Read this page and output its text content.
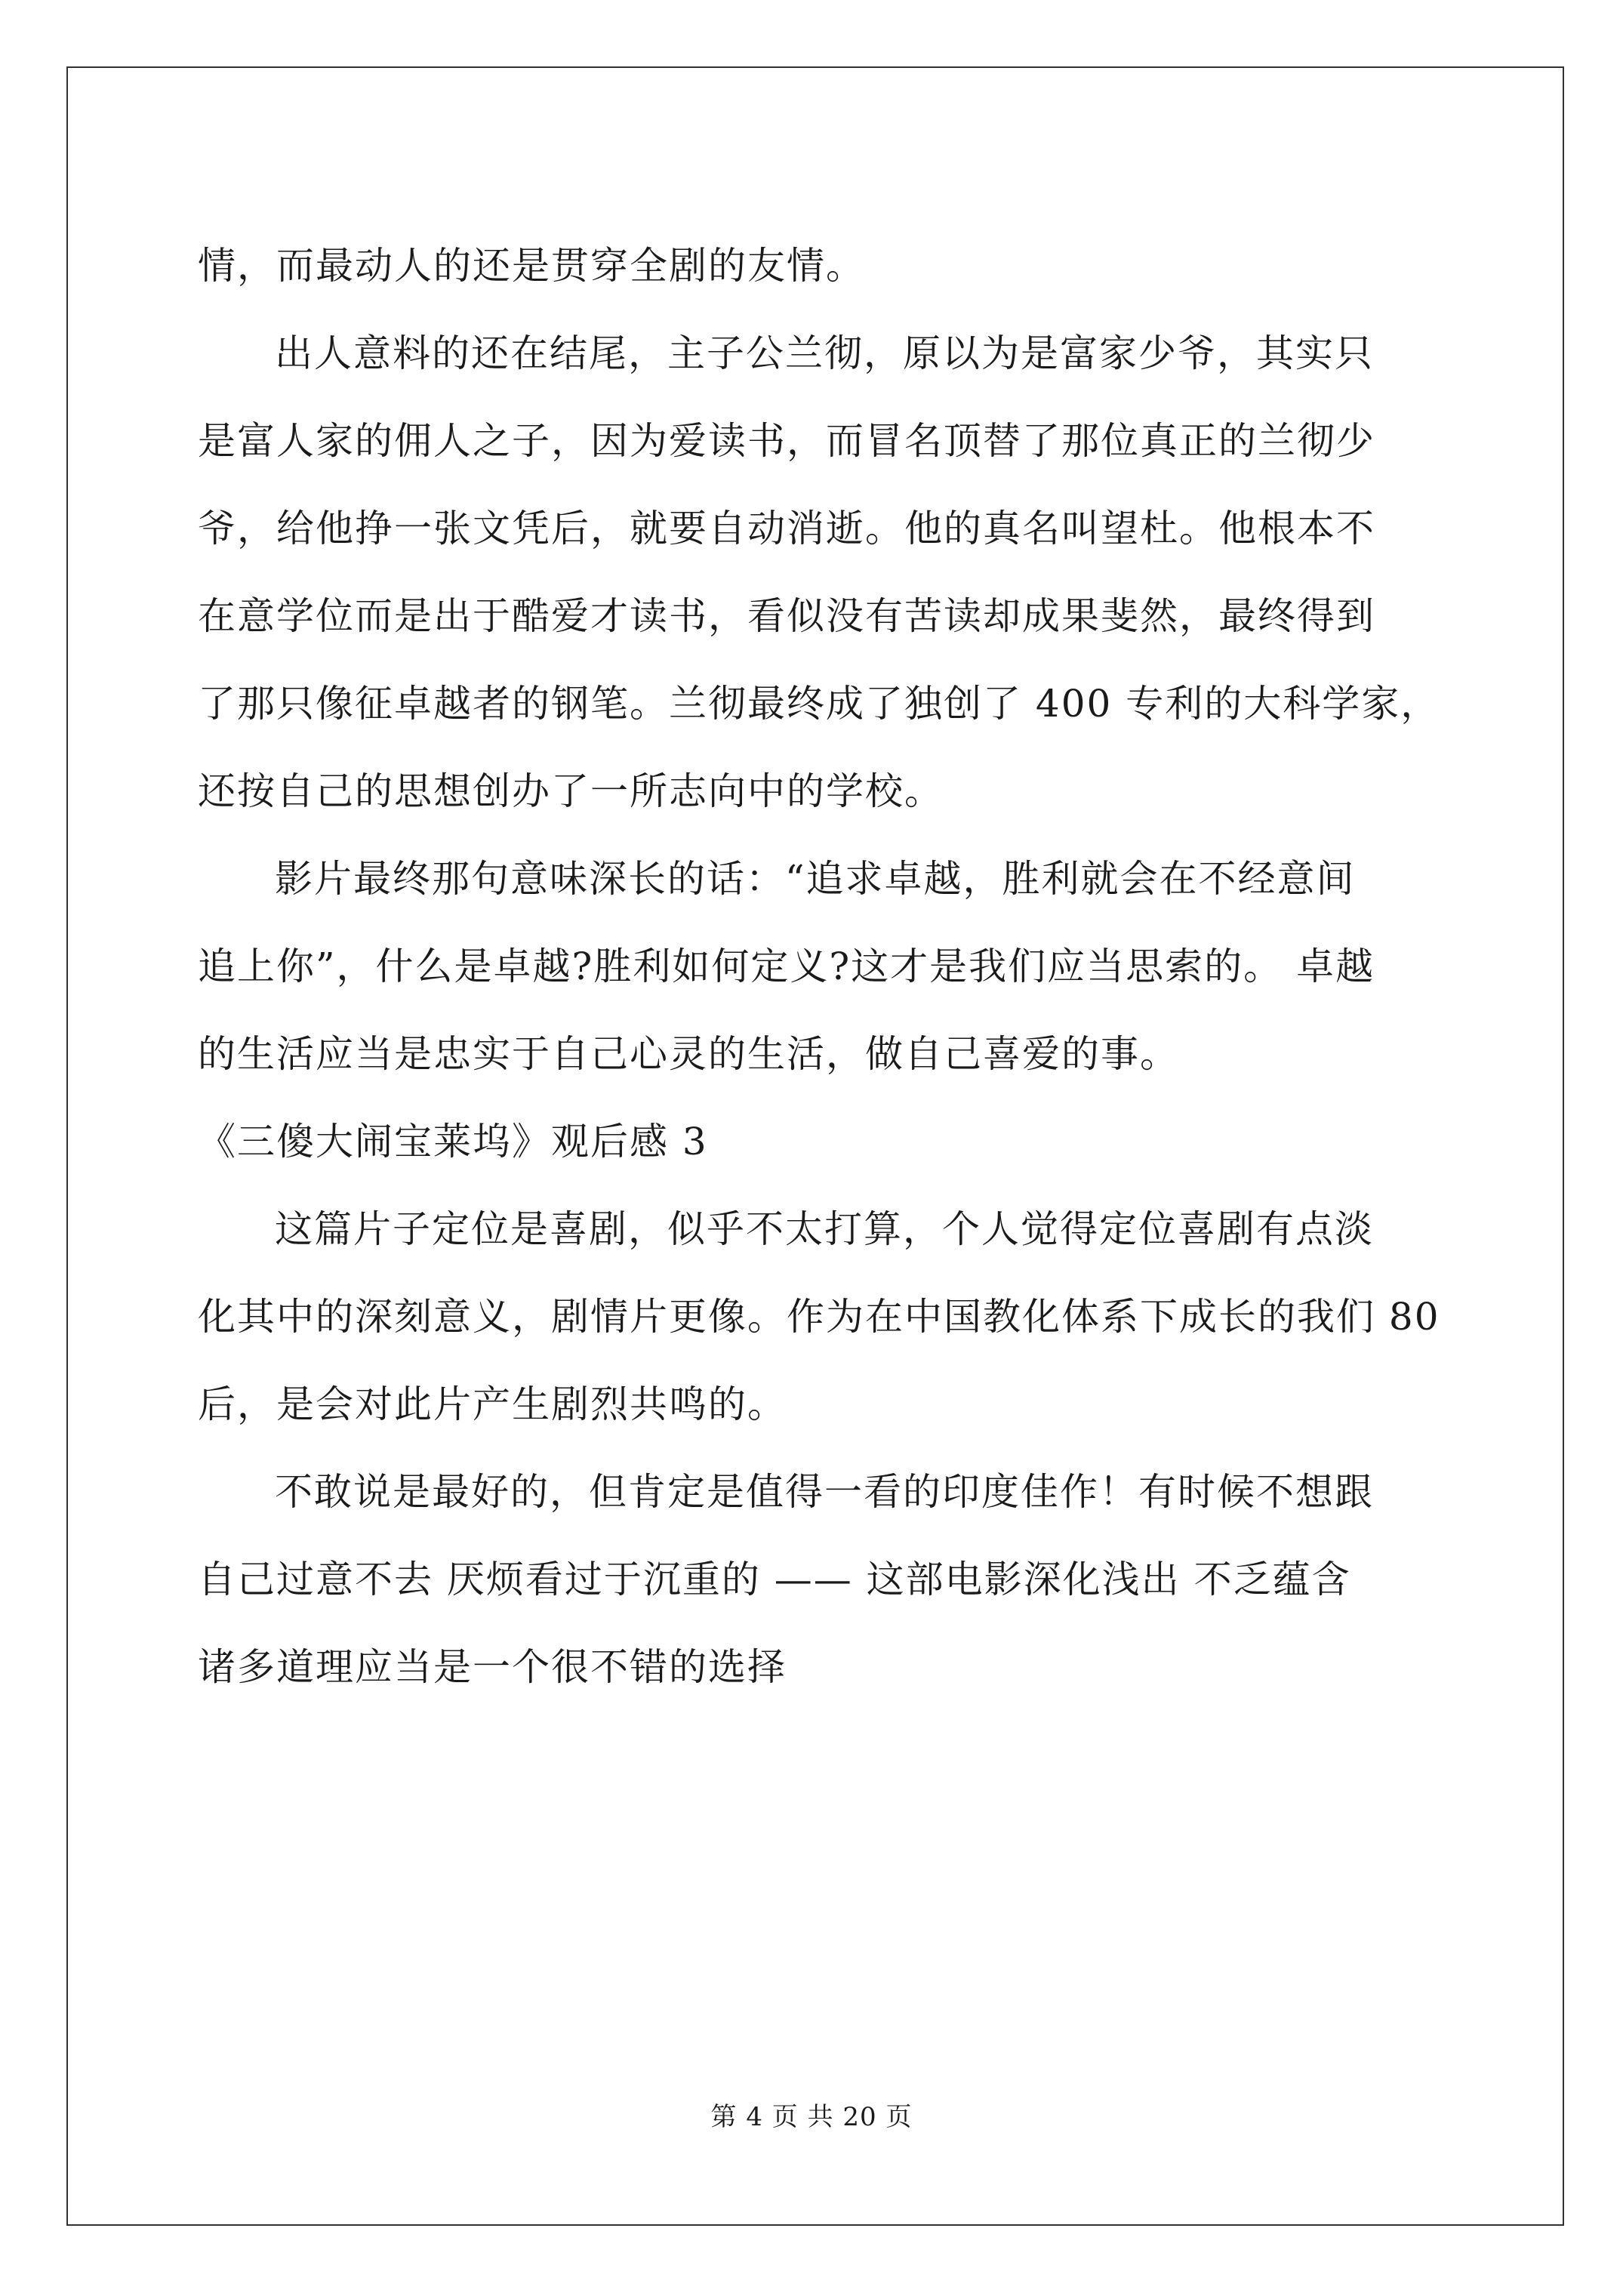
情，而最动人的还是贯穿全剧的友情。
出人意料的还在结尾，主子公兰彻，原以为是富家少爷，其实只
是富人家的佣人之子，因为爱读书，而冒名顶替了那位真正的兰彻少
爷，给他挣一张文凭后，就要自动消逝。他的真名叫望杜。他根本不
在意学位而是出于酷爱才读书，看似没有苦读却成果斐然，最终得到
了那只像征卓越者的钢笔。兰彻最终成了独创了 400 专利的大科学家，
还按自己的思想创办了一所志向中的学校。
影片最终那句意味深长的话：“追求卓越，胜利就会在不经意间
追上你”，什么是卓越?胜利如何定义?这才是我们应当思索的。 卓越
的生活应当是忠实于自己心灵的生活，做自己喜爱的事。
《三傻大闹宝莱坞》观后感 3
这篇片子定位是喜剧，似乎不太打算，个人觉得定位喜剧有点淡
化其中的深刻意义，剧情片更像。作为在中国教化体系下成长的我们 80
后，是会对此片产生剧烈共鸣的。
不敢说是最好的，但肯定是值得一看的印度佳作！有时候不想跟
自己过意不去 厌烦看过于沉重的 —— 这部电影深化浅出 不乏蕴含
诸多道理应当是一个很不错的选择
第 4 页 共 20 页
